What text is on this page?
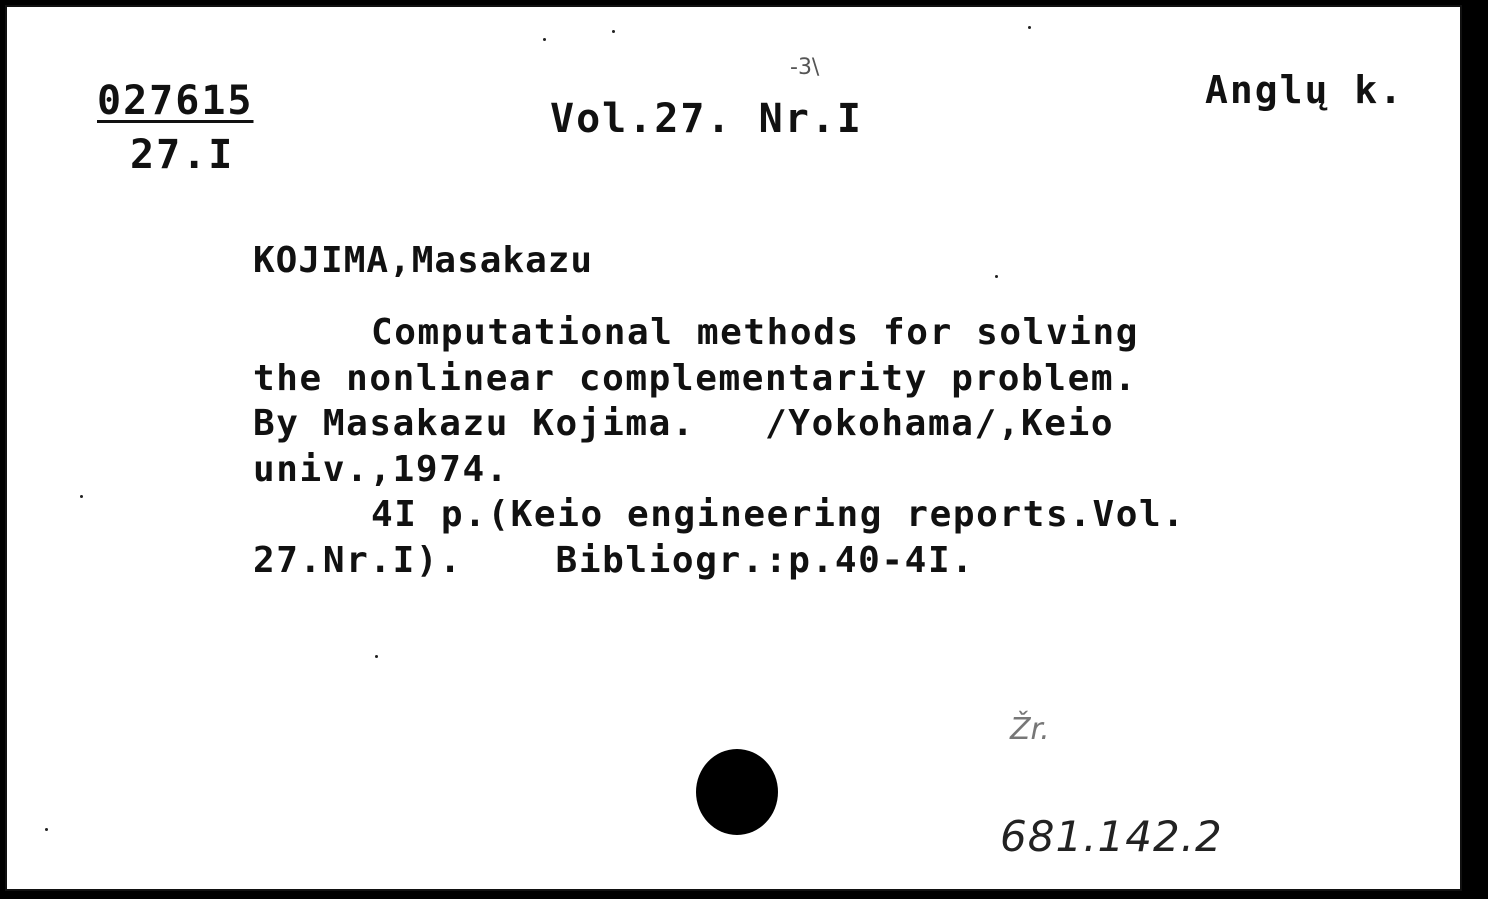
-3\
027615
27.I
Vol.27. Nr.I
Anglų k.
KOJIMA,Masakazu
Computational methods for solving
the nonlinear complementarity problem.
By Masakazu Kojima.   /Yokohama/,Keio
univ.,1974.
4I p.(Keio engineering reports.Vol.
27.Nr.I).    Bibliogr.:p.40-4I.
Žr.
681.142.2
